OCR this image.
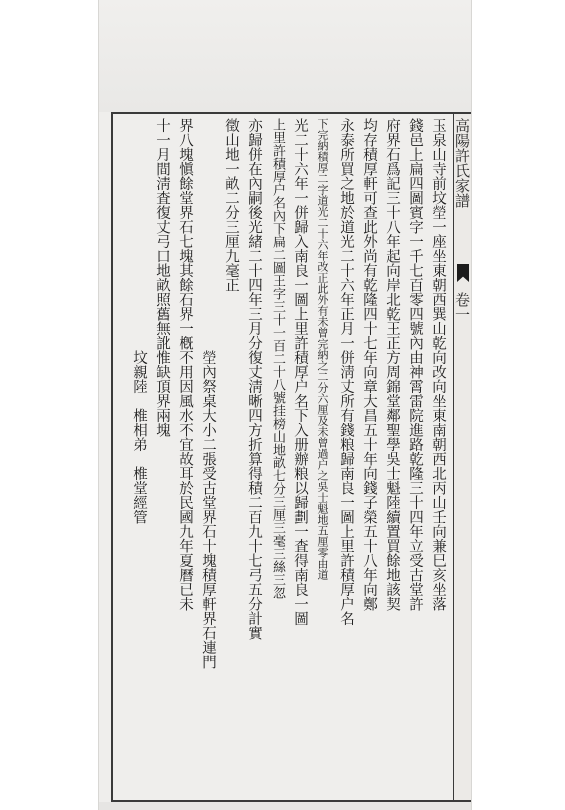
玉泉山寺前坟塋一座坐東朝西巽山乾向改向坐東南朝西北丙山壬向兼巳亥坐落
錢邑上扁四圖賓字一千七百零四號內由神霄雷院進路乾隆三十四年立受古堂許
府界石爲記三十八年起向岸北乾王正方周錦堂鄰聖學吳士魁陸續置買餘地該契
均存積厚軒可查此外尚有乾隆四十七年向章大昌五十年向錢子榮五十八年向鄭
永泰所買之地於道光二十六年正月一併淸丈所有錢粮歸南良一圖上里許積厚户名
下完納積厚二字道光二十六年改正此外有未曾完納之二分六厘及未曾過户之吳士魁地五厘零由道
光二十六年一併歸入南良一圖上里許積厚户名下入册辦粮以歸劃一査得南良一圖
上里許積厚户名內下扁二圖王字三十一百二十八號挂榜山地畝七分三厘三毫三絲三忽
亦歸併在內嗣後光緒二十四年三月分復丈淸晰四方折算得積二百九十七弓五分計實
徵山地一畝二分三厘九毫正
塋內祭桌大小二張受古堂界石十塊積厚軒界石連門
界八塊愼餘堂界石七塊其餘石界一槪不用因風水不宜故耳於民國九年夏曆已未
十一月間淸査復丈弓口地畝照舊無訛惟缺頂界兩塊
坟親陸　椎相弟　椎堂經管
高陽許氏家譜
卷一
